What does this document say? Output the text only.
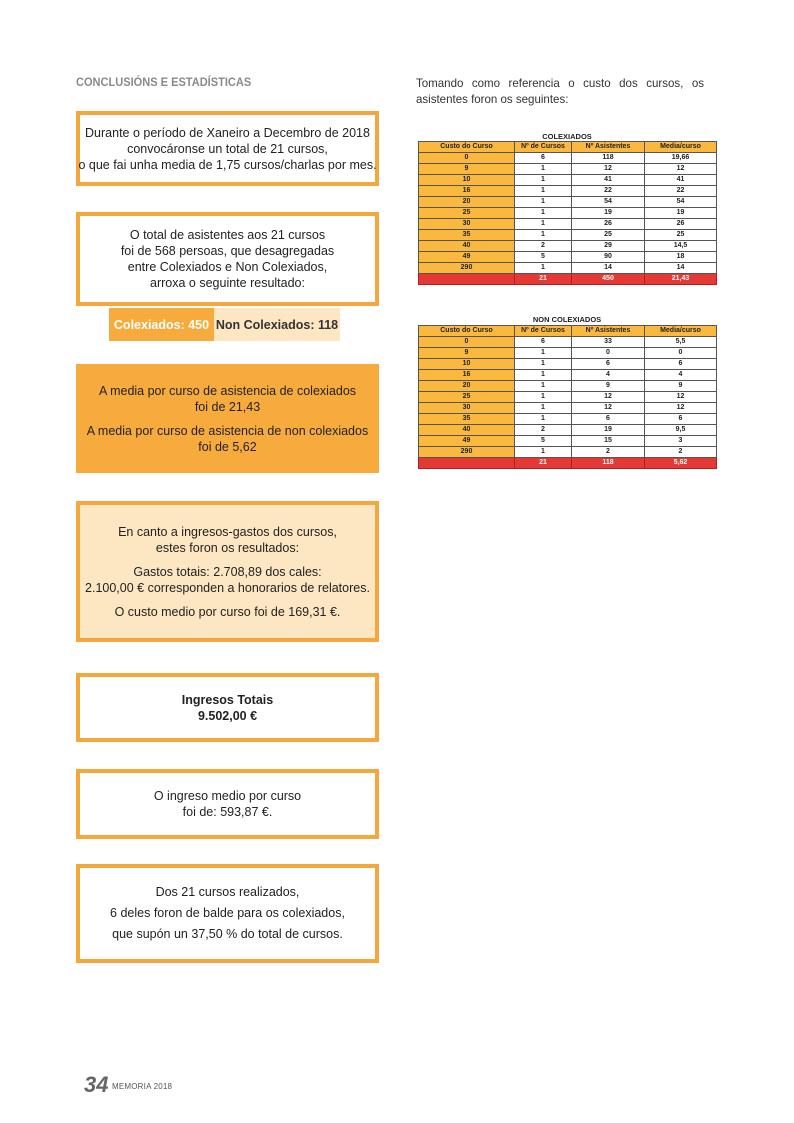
CONCLUSIÓNS E ESTADÍSTICAS	Tomando como referencia o custo dos cursos, os asistentes foron os seguintes:
Durante o período de Xaneiro a Decembro de 2018
convocáronse un total de 21 cursos,
o que fai unha media de 1,75 cursos/charlas por mes.
O total de asistentes aos 21 cursos
foi de 568 persoas, que desagregadas
entre Colexiados e Non Colexiados,
arroxa o seguinte resultado:
Colexiados: 450 Non Colexiados: 118
A media por curso de asistencia de colexiados
foi de 21,43
A media por curso de asistencia de non colexiados
foi de 5,62
En canto a ingresos-gastos dos cursos,
estes foron os resultados:
Gastos totais: 2.708,89 dos cales:
2.100,00 € corresponden a honorarios de relatores.
O custo medio por curso foi de 169,31 €.
Ingresos Totais
9.502,00 €
O ingreso medio por curso
foi de: 593,87 €.
Dos 21 cursos realizados,
6 deles foron de balde para os colexiados,
que supón un 37,50 % do total de cursos.
COLEXIADOS
Custo do Curso	Nº de Cursos	Nº Asistentes	Media/curso
0	6	118	19,66
9	1	12	12
10	1	41	41
16	1	22	22
20	1	54	54
25	1	19	19
30	1	26	26
35	1	25	25
40	2	29	14,5
49	5	90	18
290	1	14	14
	21	450	21,43
NON COLEXIADOS
Custo do Curso	Nº de Cursos	Nº Asistentes	Media/curso
0	6	33	5,5
9	1	0	0
10	1	6	6
16	1	4	4
20	1	9	9
25	1	12	12
30	1	12	12
35	1	6	6
40	2	19	9,5
49	5	15	3
290	1	2	2
	21	118	5,62
34 MEMORIA 2018
